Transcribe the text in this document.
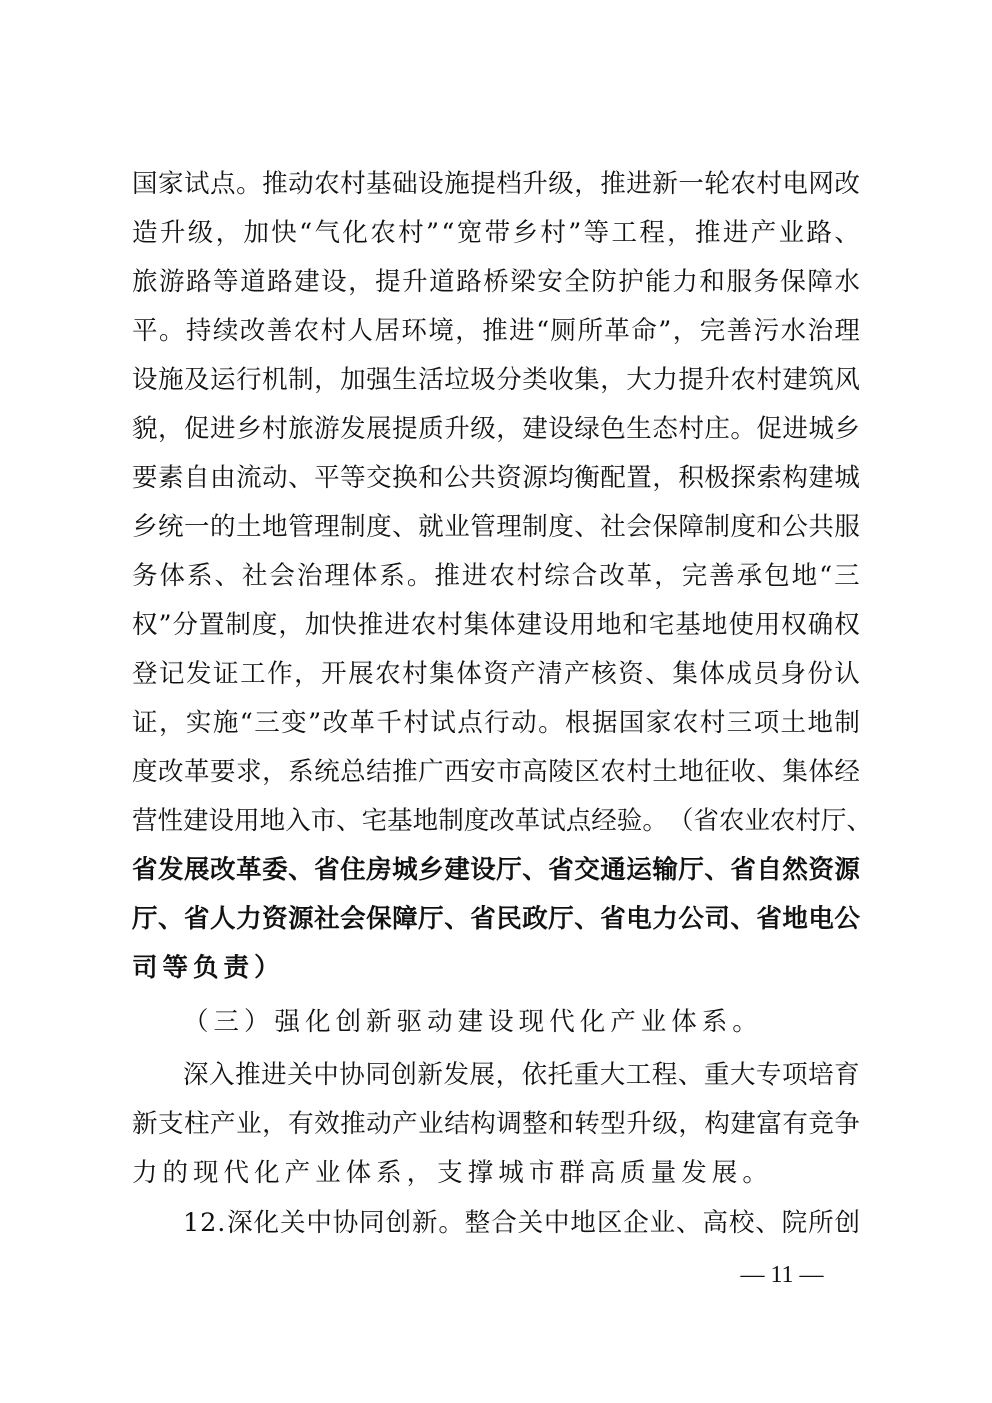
国 家 试 点 。 推 动 农 村 基 础 设 施 提 档 升 级 ， 推 进 新 一 轮 农 村 电 网 改
造 升 级 ， 加 快 “ 气 化 农 村 ” “ 宽 带 乡 村 ” 等 工 程 ， 推 进 产 业 路 、
旅 游 路 等 道 路 建 设 ， 提 升 道 路 桥 梁 安 全 防 护 能 力 和 服 务 保 障 水
平 。 持 续 改 善 农 村 人 居 环 境 ， 推 进 “ 厕 所 革 命 ” ， 完 善 污 水 治 理
设 施 及 运 行 机 制 ， 加 强 生 活 垃 圾 分 类 收 集 ， 大 力 提 升 农 村 建 筑 风
貌 ， 促 进 乡 村 旅 游 发 展 提 质 升 级 ， 建 设 绿 色 生 态 村 庄 。 促 进 城 乡
要 素 自 由 流 动 、 平 等 交 换 和 公 共 资 源 均 衡 配 置 ， 积 极 探 索 构 建 城
乡 统 一 的 土 地 管 理 制 度 、 就 业 管 理 制 度 、 社 会 保 障 制 度 和 公 共 服
务 体 系 、 社 会 治 理 体 系 。 推 进 农 村 综 合 改 革 ， 完 善 承 包 地 “ 三
权 ” 分 置 制 度 ， 加 快 推 进 农 村 集 体 建 设 用 地 和 宅 基 地 使 用 权 确 权
登 记 发 证 工 作 ， 开 展 农 村 集 体 资 产 清 产 核 资 、 集 体 成 员 身 份 认
证 ， 实 施 “ 三 变 ” 改 革 千 村 试 点 行 动 。 根 据 国 家 农 村 三 项 土 地 制
度 改 革 要 求 ， 系 统 总 结 推 广 西 安 市 高 陵 区 农 村 土 地 征 收 、 集 体 经
营 性 建 设 用 地 入 市 、 宅 基 地 制 度 改 革 试 点 经 验 。 （ 省 农 业 农 村 厅 、
省 发 展 改 革 委 、 省 住 房 城 乡 建 设 厅 、 省 交 通 运 输 厅 、 省 自 然 资 源
厅 、 省 人 力 资 源 社 会 保 障 厅 、 省 民 政 厅 、 省 电 力 公 司 、 省 地 电 公
司 等 负 责 ）
（ 三 ） 强 化 创 新 驱 动 建 设 现 代 化 产 业 体 系 。
深 入 推 进 关 中 协 同 创 新 发 展 ， 依 托 重 大 工 程 、 重 大 专 项 培 育
新 支 柱 产 业 ， 有 效 推 动 产 业 结 构 调 整 和 转 型 升 级 ， 构 建 富 有 竞 争
力 的 现 代 化 产 业 体 系 ， 支 撑 城 市 群 高 质 量 发 展 。
1 2 . 深 化 关 中 协 同 创 新 。 整 合 关 中 地 区 企 业 、 高 校 、 院 所 创
— 11 —
